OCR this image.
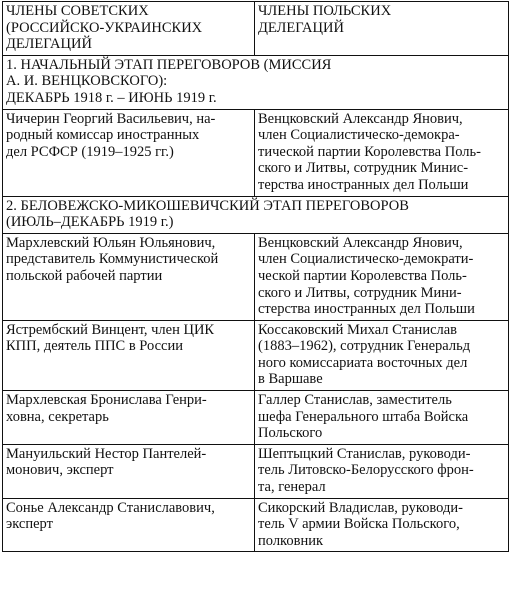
ЧЛЕНЫ СОВЕТСКИХ
(РОССИЙСКО-УКРАИНСКИХ
ДЕЛЕГАЦИЙ	ЧЛЕНЫ ПОЛЬСКИХ
ДЕЛЕГАЦИЙ

1. НАЧАЛЬНЫЙ ЭТАП ПЕРЕГОВОРОВ (МИССИЯ
А. И. ВЕНЦКОВСКОГО):
ДЕКАБРЬ 1918 г. – ИЮНЬ 1919 г.	

Чичерин Георгий Васильевич, на-
родный комиссар иностранных
дел РСФСР (1919–1925 гг.)	Венцковский Александр Янович,
член Социалистическо-демокра-
тической партии Королевства Поль-
ского и Литвы, сотрудник Минис-
терства иностранных дел Польши

2. БЕЛОВЕЖСКО-МИКОШЕВИЧСКИЙ ЭТАП ПЕРЕГОВОРОВ
(ИЮЛЬ–ДЕКАБРЬ 1919 г.)	

Мархлевский Юльян Юльянович,
представитель Коммунистической
польской рабочей партии	Венцковский Александр Янович,
член Социалистическо-демократи-
ческой партии Королевства Поль-
ского и Литвы, сотрудник Мини-
стерства иностранных дел Польши

Ястрембский Винцент, член ЦИК
КПП, деятель ППС в России	Коссаковский Михал Станислав
(1883–1962), сотрудник Генеральд
ного комиссариата восточных дел
в Варшаве

Мархлевская Бронислава Генри-
ховна, секретарь	Галлер Станислав, заместитель
шефа Генерального штаба Войска
Польского

Мануильский Нестор Пантелей-
монович, эксперт	Шептыцкий Станислав, руководи-
тель Литовско-Белорусского фрон-
та, генерал

Сонье Александр Станиславович,
эксперт	Сикорский Владислав, руководи-
тель V армии Войска Польского,
полковник
